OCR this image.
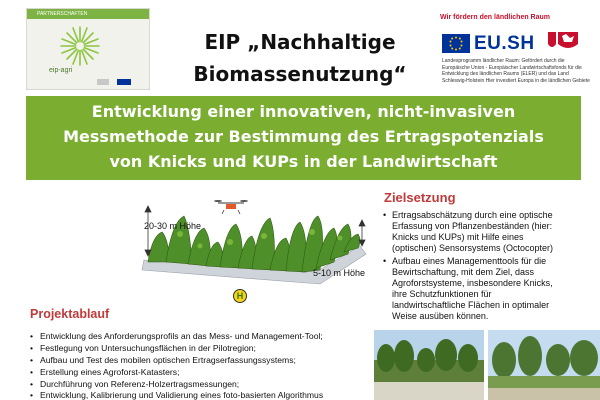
PARTNERSCHAFTEN
eip-agri
EIP „Nachhaltige
Biomassenutzung“
Wir fördern den ländlichen Raum
EU.SH
Landesprogramm ländlicher Raum: Gefördert durch die Europäische Union - Europäischer Landwirtschaftsfonds für die Entwicklung des ländlichen Raums (ELER) und das Land Schleswig-Holstein Hier investiert Europa in die ländlichen Gebiete
Entwicklung einer innovativen, nicht-invasiven
Messmethode zur Bestimmung des Ertragspotenzials
von Knicks und KUPs in der Landwirtschaft
20-30 m Höhe
5-10 m Höhe
H
Zielsetzung
• Ertragsabschätzung durch eine optische
Erfassung von Pflanzenbeständen (hier:
Knicks und KUPs) mit Hilfe eines
(optischen) Sensorsystems (Octocopter)
• Aufbau eines Managementtools für die
Bewirtschaftung, mit dem Ziel, dass
Agroforstsysteme, insbesondere Knicks,
ihre Schutzfunktionen für
landwirtschaftliche Flächen in optimaler
Weise ausüben können.
Projektablauf
• Entwicklung des Anforderungsprofils an das Mess- und Management-Tool;
• Festlegung von Untersuchungsflächen in der Pilotregion;
• Aufbau und Test des mobilen optischen Ertragserfassungssystems;
• Erstellung eines Agroforst-Katasters;
• Durchführung von Referenz-Holzertragsmessungen;
• Entwicklung, Kalibrierung und Validierung eines foto-basierten Algorithmus
